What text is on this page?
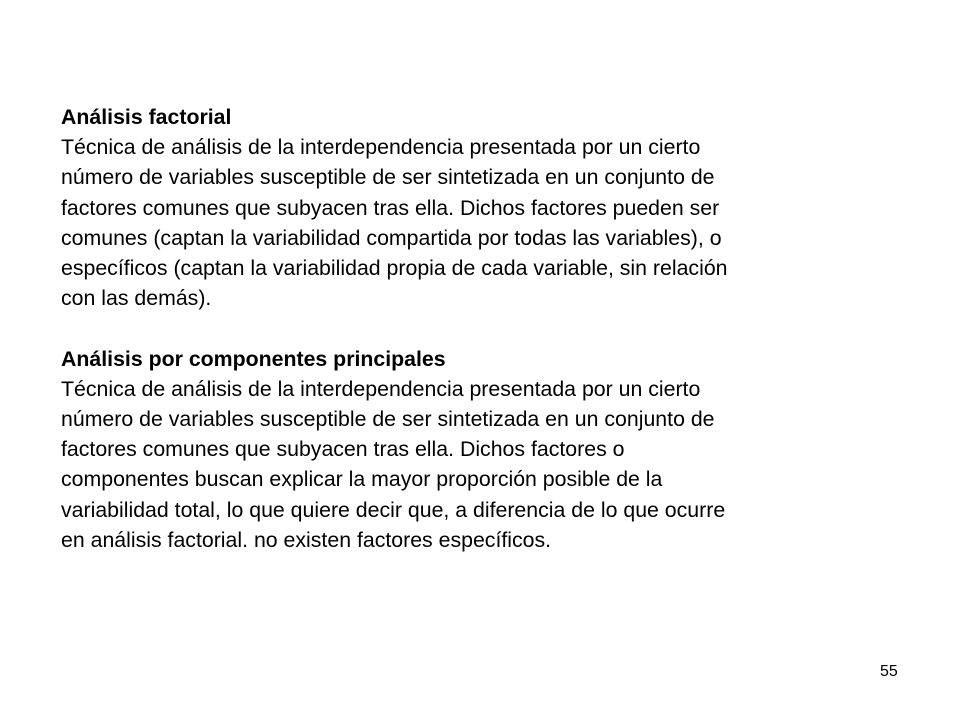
Análisis factorial

Técnica de análisis de la interdependencia presentada por un cierto

número de variables susceptible de ser sintetizada en un conjunto de

factores comunes que subyacen tras ella. Dichos factores pueden ser

comunes (captan la variabilidad compartida por todas las variables), o

específicos (captan la variabilidad propia de cada variable, sin relación

con las demás).

Análisis por componentes principales

Técnica de análisis de la interdependencia presentada por un cierto

número de variables susceptible de ser sintetizada en un conjunto de

factores comunes que subyacen tras ella. Dichos factores o

componentes buscan explicar la mayor proporción posible de la

variabilidad total, lo que quiere decir que, a diferencia de lo que ocurre

en análisis factorial. no existen factores específicos.

55
